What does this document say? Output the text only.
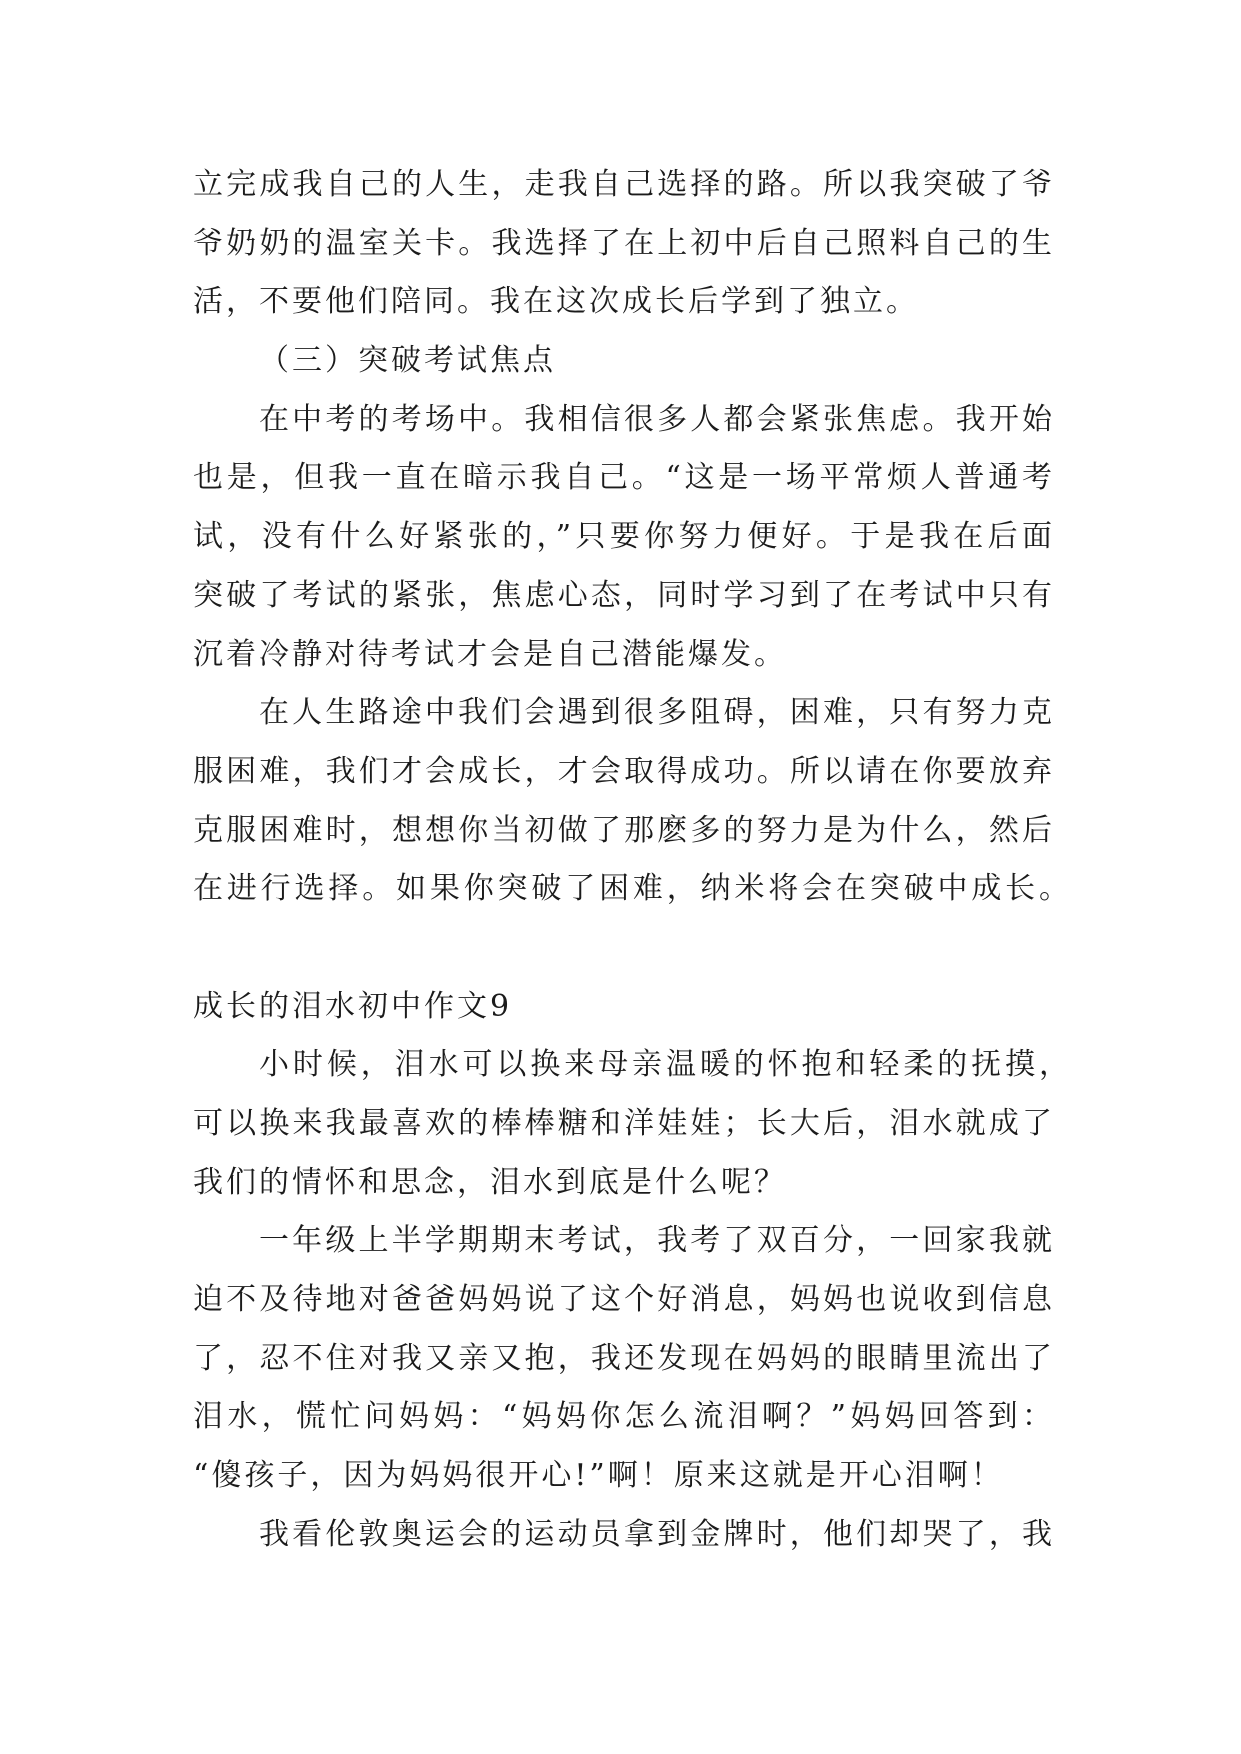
立完成我自己的人生，走我自己选择的路。所以我突破了爷
爷奶奶的温室关卡。我选择了在上初中后自己照料自己的生
活，不要他们陪同。我在这次成长后学到了独立。
（三）突破考试焦点
在中考的考场中。我相信很多人都会紧张焦虑。我开始
也是，但我一直在暗示我自己。“这是一场平常烦人普通考
试，没有什么好紧张的，”只要你努力便好。于是我在后面
突破了考试的紧张，焦虑心态，同时学习到了在考试中只有
沉着冷静对待考试才会是自己潜能爆发。
在人生路途中我们会遇到很多阻碍，困难，只有努力克
服困难，我们才会成长，才会取得成功。所以请在你要放弃
克服困难时，想想你当初做了那麽多的努力是为什么，然后
在进行选择。如果你突破了困难，纳米将会在突破中成长。
成长的泪水初中作文9
小时候，泪水可以换来母亲温暖的怀抱和轻柔的抚摸，
可以换来我最喜欢的棒棒糖和洋娃娃；长大后，泪水就成了
我们的情怀和思念，泪水到底是什么呢？
一年级上半学期期末考试，我考了双百分，一回家我就
迫不及待地对爸爸妈妈说了这个好消息，妈妈也说收到信息
了，忍不住对我又亲又抱，我还发现在妈妈的眼睛里流出了
泪水，慌忙问妈妈：“妈妈你怎么流泪啊？”妈妈回答到：
“傻孩子，因为妈妈很开心!”啊！原来这就是开心泪啊！
我看伦敦奥运会的运动员拿到金牌时，他们却哭了，我
